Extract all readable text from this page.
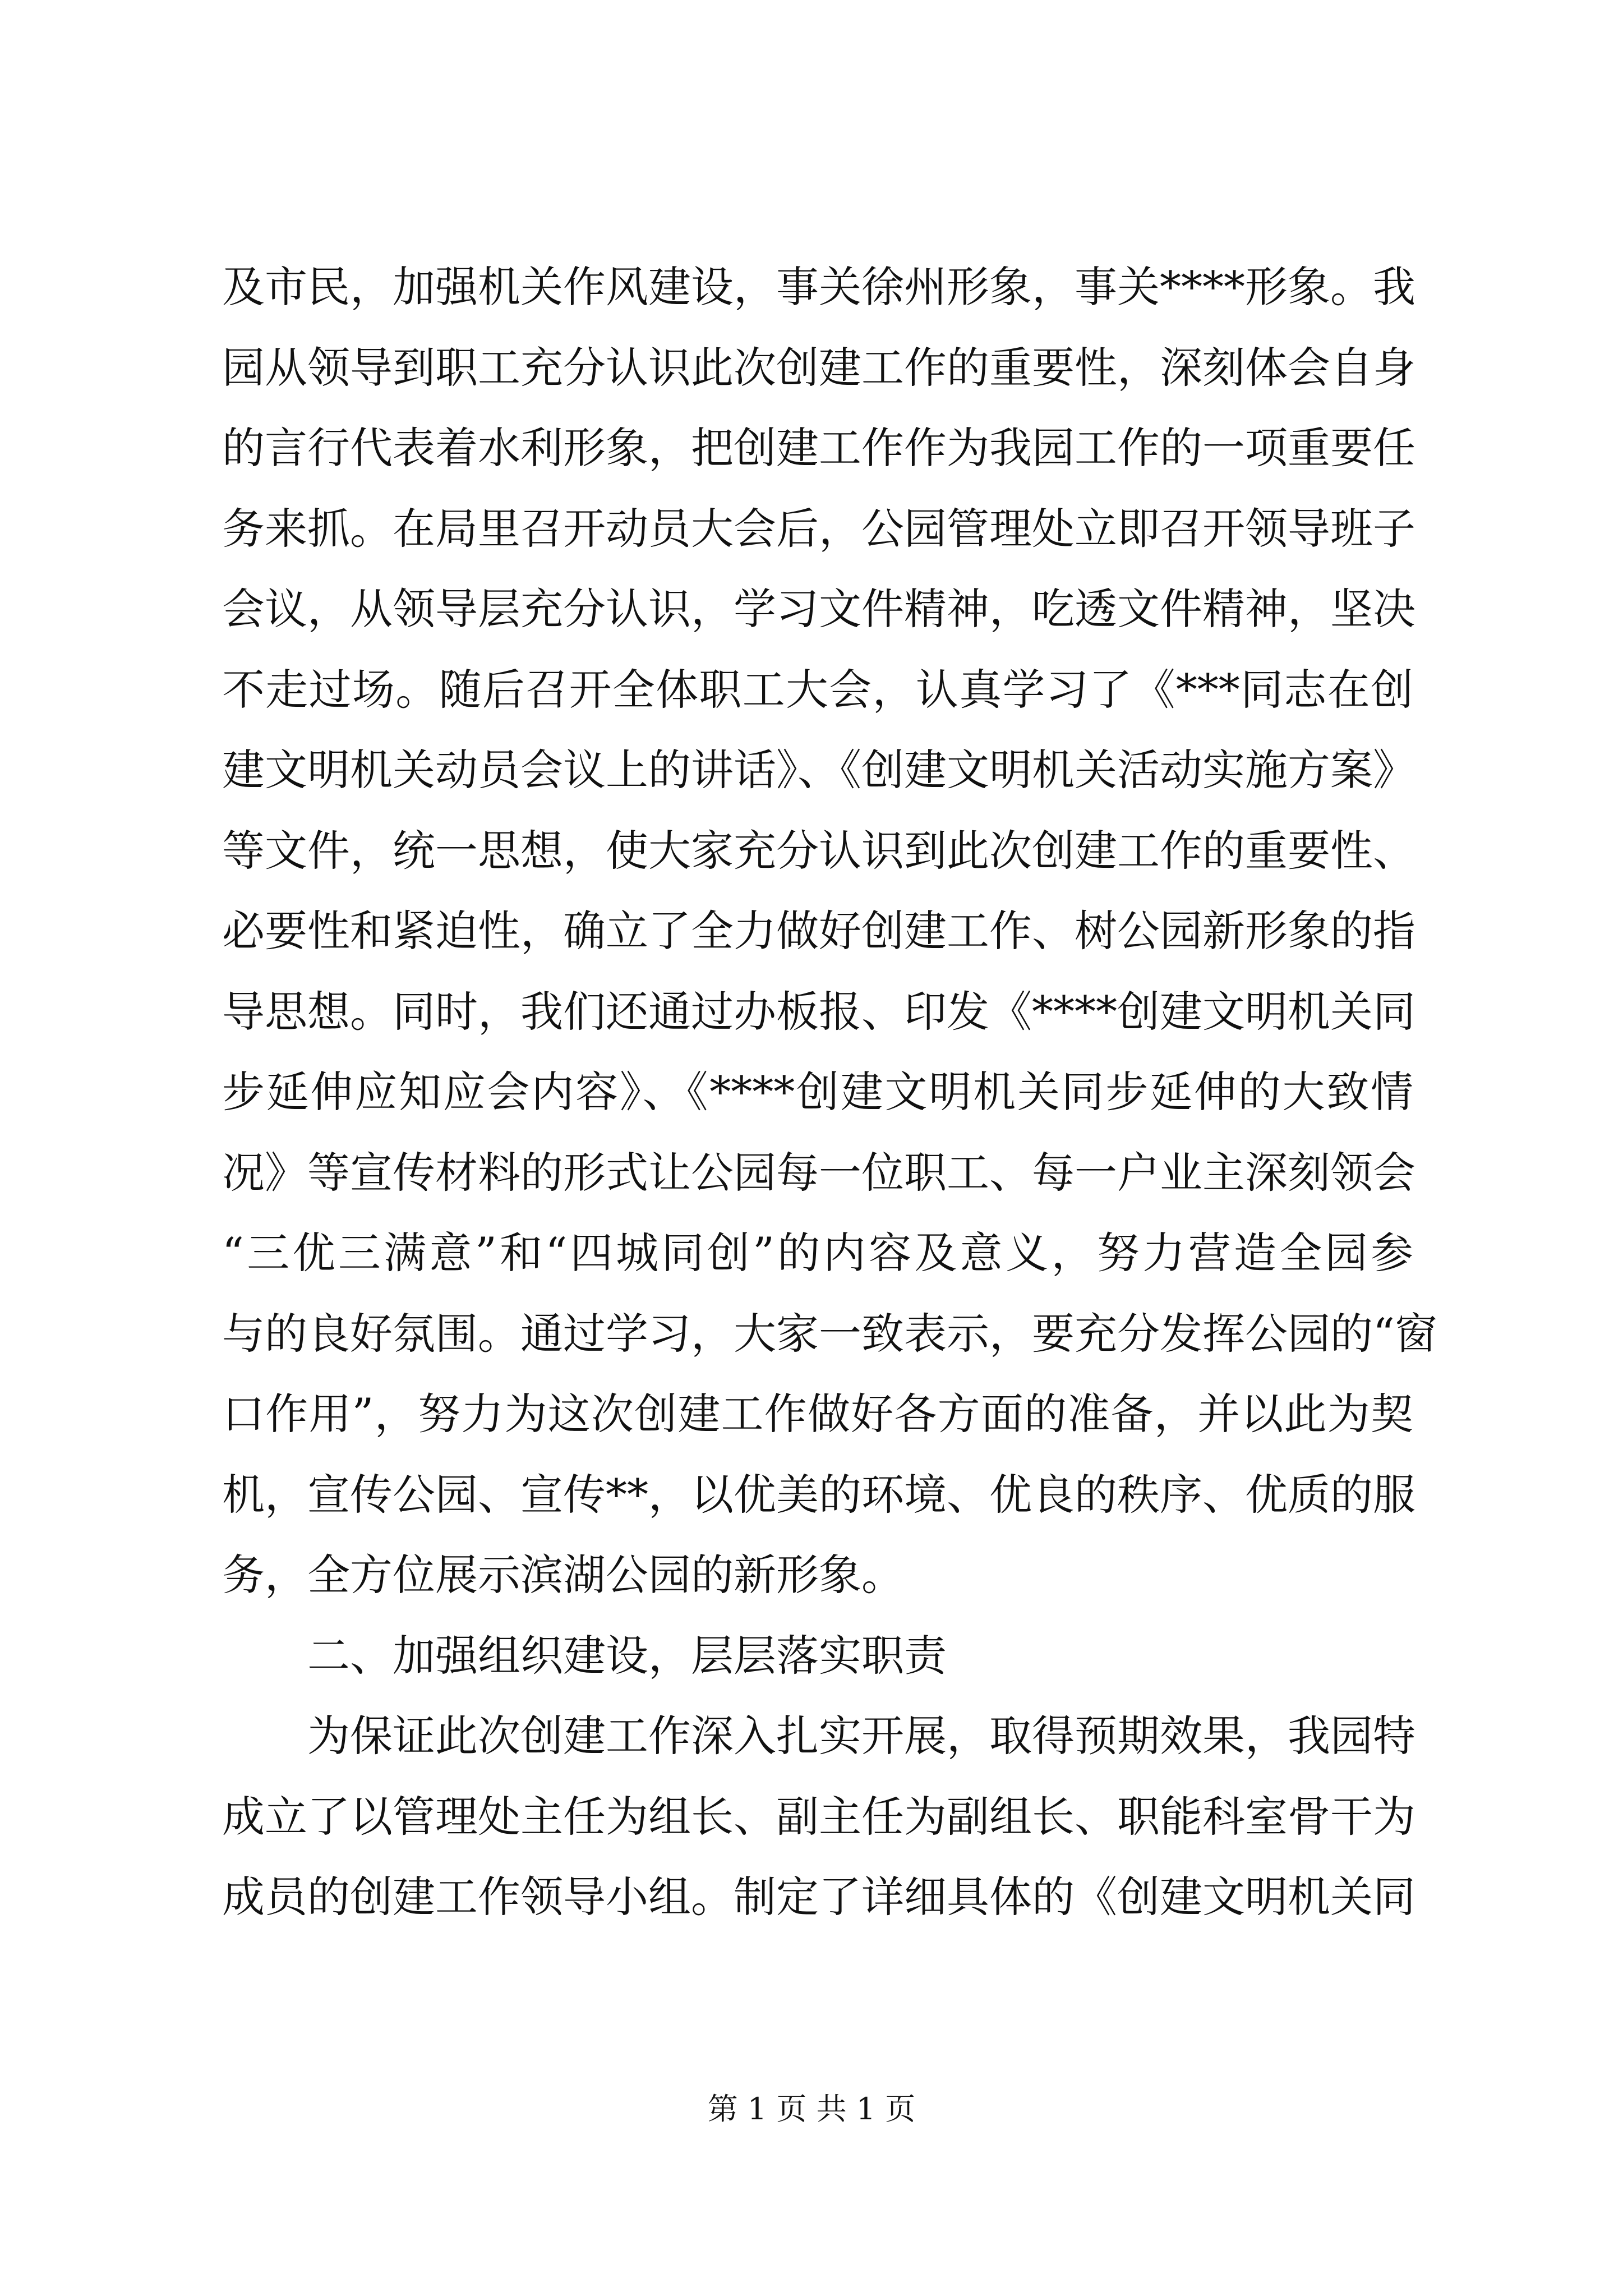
及市民，加强机关作风建设，事关徐州形象，事关****形象。我
园从领导到职工充分认识此次创建工作的重要性，深刻体会自身
的言行代表着水利形象，把创建工作作为我园工作的一项重要任
务来抓。在局里召开动员大会后，公园管理处立即召开领导班子
会议，从领导层充分认识，学习文件精神，吃透文件精神，坚决
不走过场。随后召开全体职工大会，认真学习了《***同志在创
建文明机关动员会议上的讲话》、《创建文明机关活动实施方案》
等文件，统一思想，使大家充分认识到此次创建工作的重要性、
必要性和紧迫性，确立了全力做好创建工作、树公园新形象的指
导思想。同时，我们还通过办板报、印发《****创建文明机关同
步延伸应知应会内容》、《****创建文明机关同步延伸的大致情
况》等宣传材料的形式让公园每一位职工、每一户业主深刻领会
“三优三满意”和“四城同创”的内容及意义，努力营造全园参
与的良好氛围。通过学习，大家一致表示，要充分发挥公园的“窗
口作用”，努力为这次创建工作做好各方面的准备，并以此为契
机，宣传公园、宣传**，以优美的环境、优良的秩序、优质的服
务，全方位展示滨湖公园的新形象。
二、加强组织建设，层层落实职责
为保证此次创建工作深入扎实开展，取得预期效果，我园特
成立了以管理处主任为组长、副主任为副组长、职能科室骨干为
成员的创建工作领导小组。制定了详细具体的《创建文明机关同
第 1 页 共 1 页
